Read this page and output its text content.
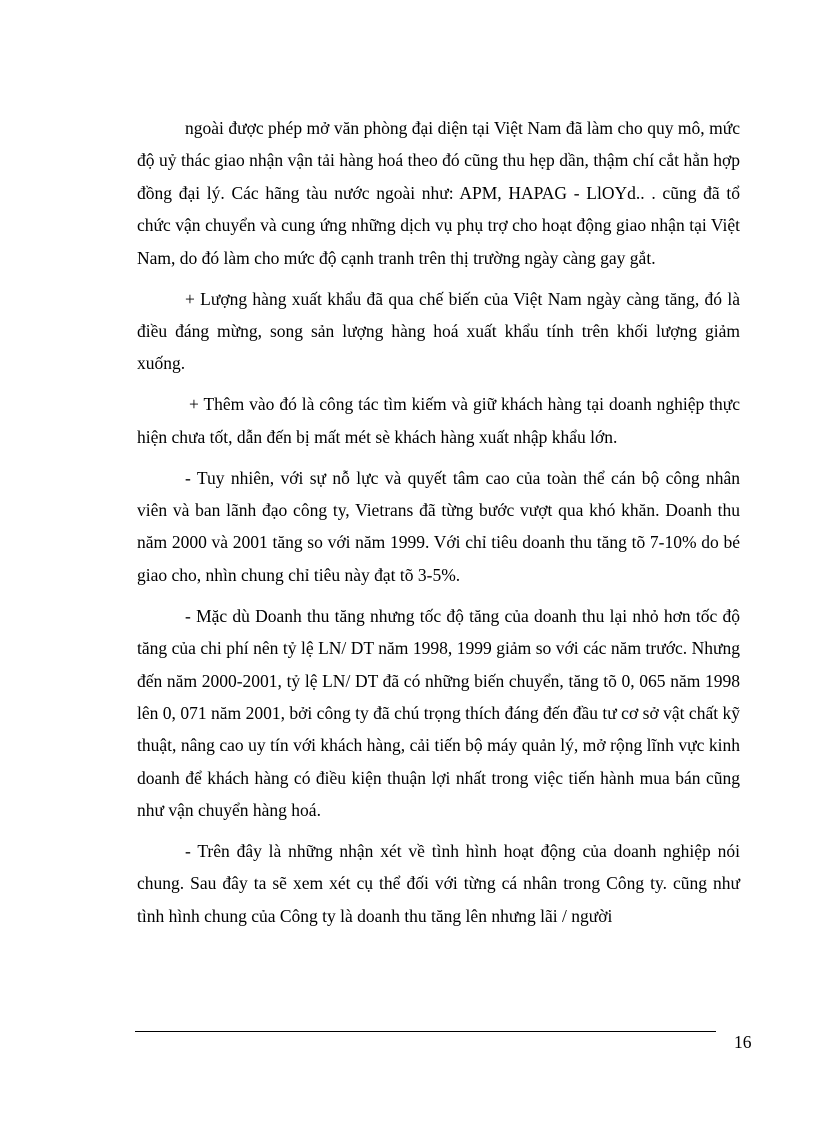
ngoài được phép mở văn phòng đại diện tại Việt Nam đã làm cho quy mô, mức độ uỷ thác giao nhận vận tải hàng hoá theo đó cũng thu hẹp dần, thậm chí cắt hẳn hợp đồng đại lý. Các hãng tàu nước ngoài như: APM, HAPAG - LlOYd.. . cũng đã tổ chức vận chuyển và cung ứng những dịch vụ phụ trợ cho hoạt động giao nhận tại Việt Nam, do đó làm cho mức độ cạnh tranh trên thị trường ngày càng gay gắt.

+ Lượng hàng xuất khẩu đã qua chế biến của Việt Nam ngày càng tăng, đó là điều đáng mừng, song sản lượng hàng hoá xuất khẩu tính trên khối lượng giảm xuống.

+ Thêm vào đó là công tác tìm kiếm và giữ khách hàng tại doanh nghiệp thực hiện chưa tốt, dẫn đến bị mất mét sè khách hàng xuất nhập khẩu lớn.

- Tuy nhiên, với sự nỗ lực và quyết tâm cao của toàn thể cán bộ công nhân viên và ban lãnh đạo công ty, Vietrans đã từng bước vượt qua khó khăn. Doanh thu năm 2000 và 2001 tăng so với năm 1999. Với chỉ tiêu doanh thu tăng tõ 7-10% do bé giao cho, nhìn chung chỉ tiêu này đạt tõ 3-5%.

- Mặc dù Doanh thu tăng nhưng tốc độ tăng của doanh thu lại nhỏ hơn tốc độ tăng của chi phí nên tỷ lệ LN/ DT năm 1998, 1999 giảm so với các năm trước. Nhưng đến năm 2000-2001, tỷ lệ LN/ DT đã có những biến chuyển, tăng tõ 0, 065 năm 1998 lên 0, 071 năm 2001, bởi công ty đã chú trọng thích đáng đến đầu tư cơ sở vật chất kỹ thuật, nâng cao uy tín với khách hàng, cải tiến bộ máy quản lý, mở rộng lĩnh vực kinh doanh để khách hàng có điều kiện thuận lợi nhất trong việc tiến hành mua bán cũng như vận chuyển hàng hoá.

- Trên đây là những nhận xét về tình hình hoạt động của doanh nghiệp nói chung. Sau đây ta sẽ xem xét cụ thể đối với từng cá nhân trong Công ty. cũng như tình hình chung của Công ty là doanh thu tăng lên nhưng lãi / người

16
